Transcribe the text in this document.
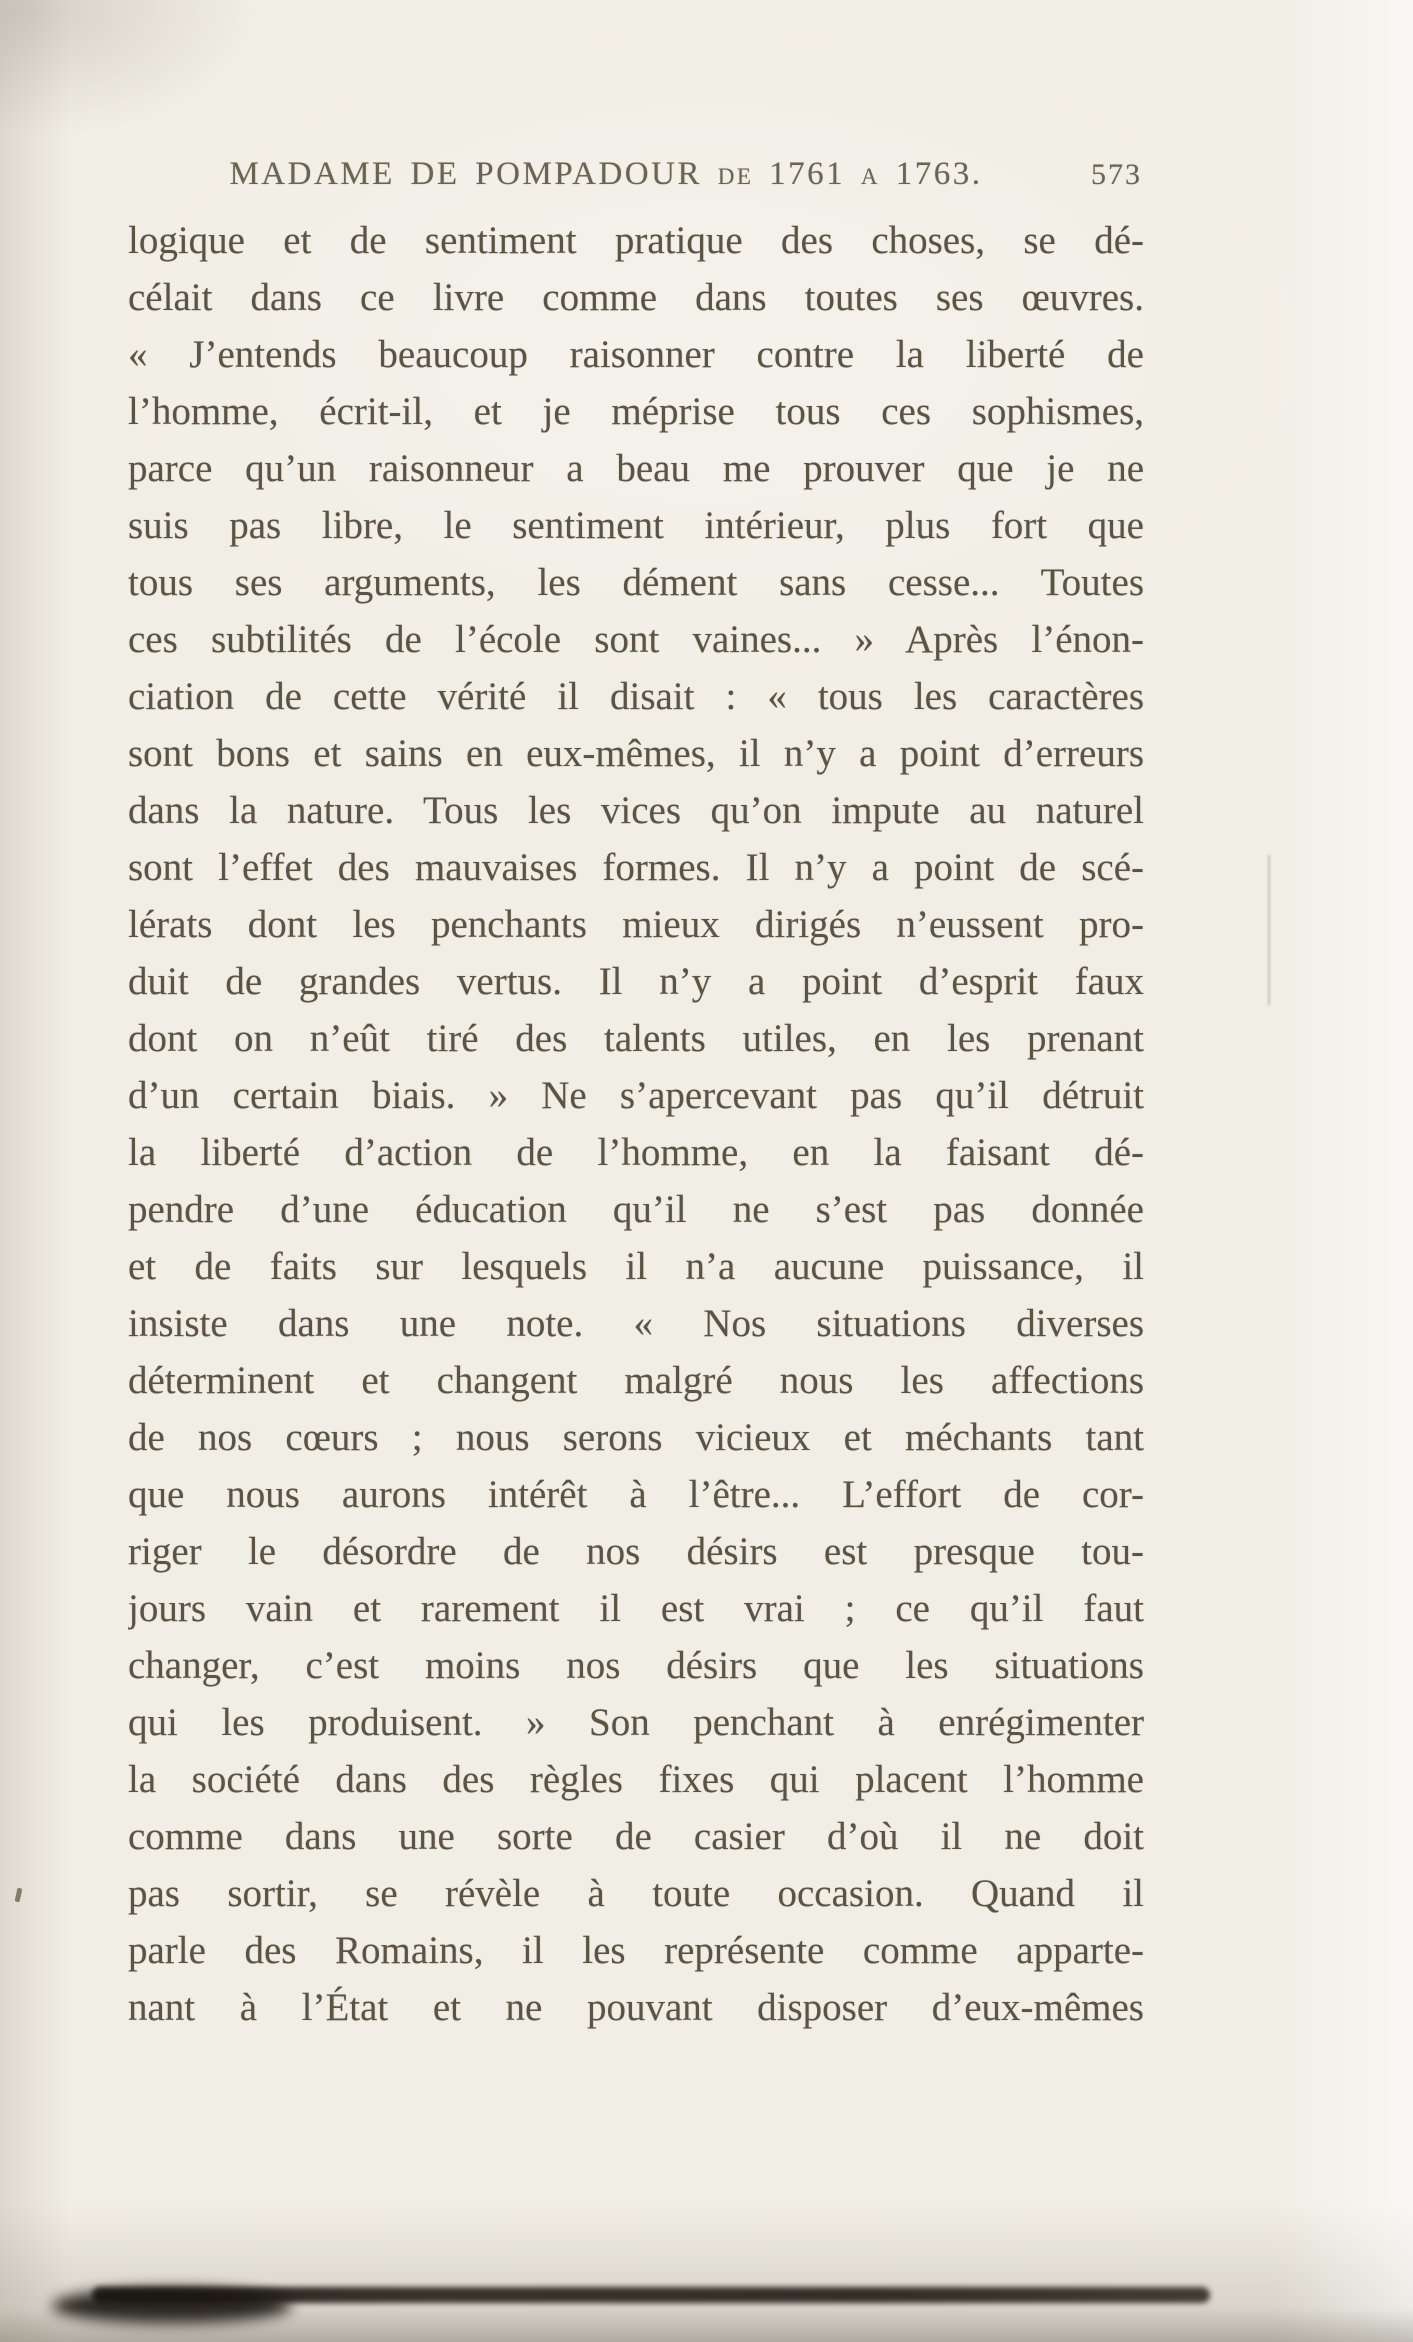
MADAME DE POMPADOUR de 1761 a 1763.	573
logique et de sentiment pratique des choses, se dé-
célait dans ce livre comme dans toutes ses œuvres.
« J’entends beaucoup raisonner contre la liberté de
l’homme, écrit-il, et je méprise tous ces sophismes,
parce qu’un raisonneur a beau me prouver que je ne
suis pas libre, le sentiment intérieur, plus fort que
tous ses arguments, les dément sans cesse... Toutes
ces subtilités de l’école sont vaines... » Après l’énon-
ciation de cette vérité il disait : « tous les caractères
sont bons et sains en eux-mêmes, il n’y a point d’erreurs
dans la nature. Tous les vices qu’on impute au naturel
sont l’effet des mauvaises formes. Il n’y a point de scé-
lérats dont les penchants mieux dirigés n’eussent pro-
duit de grandes vertus. Il n’y a point d’esprit faux
dont on n’eût tiré des talents utiles, en les prenant
d’un certain biais. » Ne s’apercevant pas qu’il détruit
la liberté d’action de l’homme, en la faisant dé-
pendre d’une éducation qu’il ne s’est pas donnée
et de faits sur lesquels il n’a aucune puissance, il
insiste dans une note. « Nos situations diverses
déterminent et changent malgré nous les affections
de nos cœurs ; nous serons vicieux et méchants tant
que nous aurons intérêt à l’être... L’effort de cor-
riger le désordre de nos désirs est presque tou-
jours vain et rarement il est vrai ; ce qu’il faut
changer, c’est moins nos désirs que les situations
qui les produisent. » Son penchant à enrégimenter
la société dans des règles fixes qui placent l’homme
comme dans une sorte de casier d’où il ne doit
pas sortir, se révèle à toute occasion. Quand il
parle des Romains, il les représente comme apparte-
nant à l’État et ne pouvant disposer d’eux-mêmes
